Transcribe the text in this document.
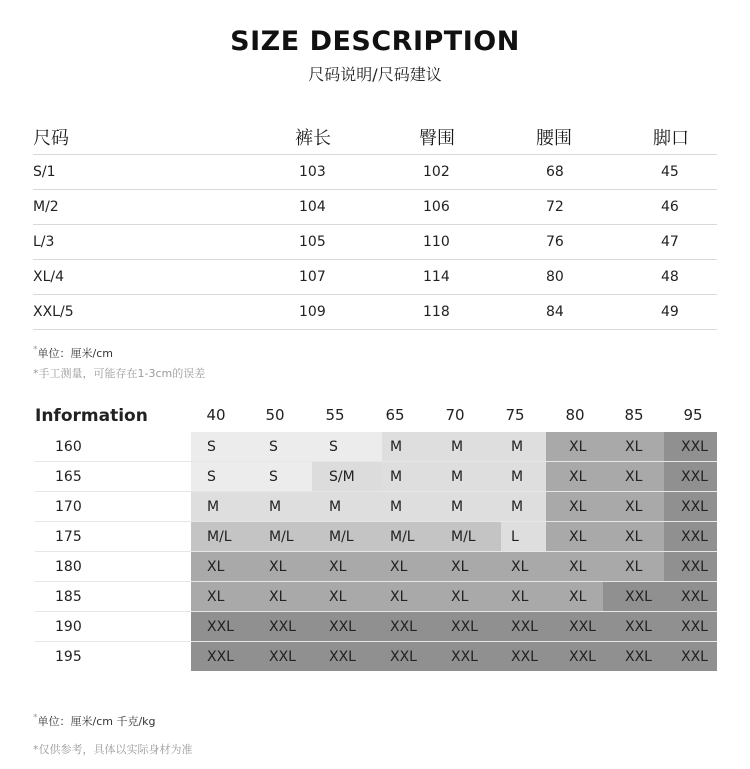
SIZE DESCRIPTION
尺码说明/尺码建议
尺码	裤长	臀围	腰围	脚口
S/1	103	102	68	45
M/2	104	106	72	46
L/3	105	110	76	47
XL/4	107	114	80	48
XXL/5	109	118	84	49
*单位：厘米/cm
*手工测量，可能存在1-3cm的误差
Information	40	50	55	65	70	75	80	85	95
160	S	S	S	M	M	M	XL	XL	XXL
165	S	S	S/M	M	M	M	XL	XL	XXL
170	M	M	M	M	M	M	XL	XL	XXL
175	M/L	M/L	M/L	M/L	M/L	L	XL	XL	XXL
180	XL	XL	XL	XL	XL	XL	XL	XL	XXL
185	XL	XL	XL	XL	XL	XL	XL	XXL	XXL
190	XXL	XXL	XXL	XXL	XXL	XXL	XXL	XXL	XXL
195	XXL	XXL	XXL	XXL	XXL	XXL	XXL	XXL	XXL
*单位：厘米/cm 千克/kg
*仅供参考，具体以实际身材为准
